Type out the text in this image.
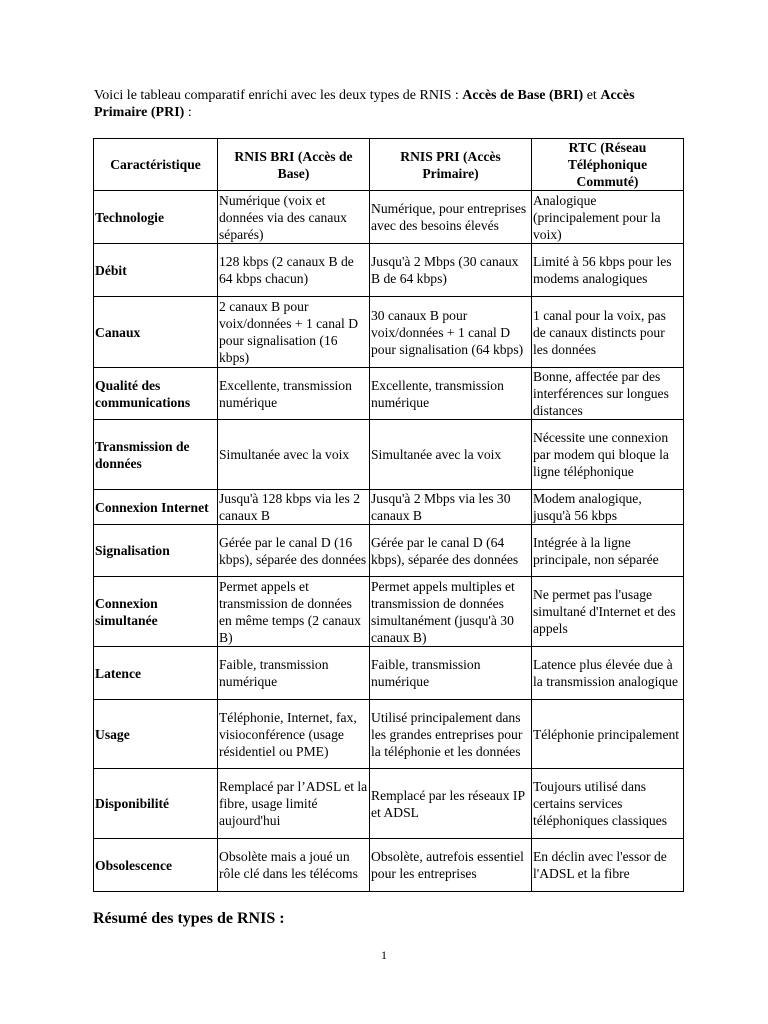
Voici le tableau comparatif enrichi avec les deux types de RNIS : Accès de Base (BRI) et Accès Primaire (PRI) :

Caractéristique	RNIS BRI (Accès de Base)	RNIS PRI (Accès Primaire)	RTC (Réseau Téléphonique Commuté)
Technologie	Numérique (voix et données via des canaux séparés)	Numérique, pour entreprises avec des besoins élevés	Analogique (principalement pour la voix)
Débit	128 kbps (2 canaux B de 64 kbps chacun)	Jusqu'à 2 Mbps (30 canaux B de 64 kbps)	Limité à 56 kbps pour les modems analogiques
Canaux	2 canaux B pour voix/données + 1 canal D pour signalisation (16 kbps)	30 canaux B pour voix/données + 1 canal D pour signalisation (64 kbps)	1 canal pour la voix, pas de canaux distincts pour les données
Qualité des communications	Excellente, transmission numérique	Excellente, transmission numérique	Bonne, affectée par des interférences sur longues distances
Transmission de données	Simultanée avec la voix	Simultanée avec la voix	Nécessite une connexion par modem qui bloque la ligne téléphonique
Connexion Internet	Jusqu'à 128 kbps via les 2 canaux B	Jusqu'à 2 Mbps via les 30 canaux B	Modem analogique, jusqu'à 56 kbps
Signalisation	Gérée par le canal D (16 kbps), séparée des données	Gérée par le canal D (64 kbps), séparée des données	Intégrée à la ligne principale, non séparée
Connexion simultanée	Permet appels et transmission de données en même temps (2 canaux B)	Permet appels multiples et transmission de données simultanément (jusqu'à 30 canaux B)	Ne permet pas l'usage simultané d'Internet et des appels
Latence	Faible, transmission numérique	Faible, transmission numérique	Latence plus élevée due à la transmission analogique
Usage	Téléphonie, Internet, fax, visioconférence (usage résidentiel ou PME)	Utilisé principalement dans les grandes entreprises pour la téléphonie et les données	Téléphonie principalement
Disponibilité	Remplacé par l’ADSL et la fibre, usage limité aujourd'hui	Remplacé par les réseaux IP et ADSL	Toujours utilisé dans certains services téléphoniques classiques
Obsolescence	Obsolète mais a joué un rôle clé dans les télécoms	Obsolète, autrefois essentiel pour les entreprises	En déclin avec l'essor de l'ADSL et la fibre
Résumé des types de RNIS :
1
